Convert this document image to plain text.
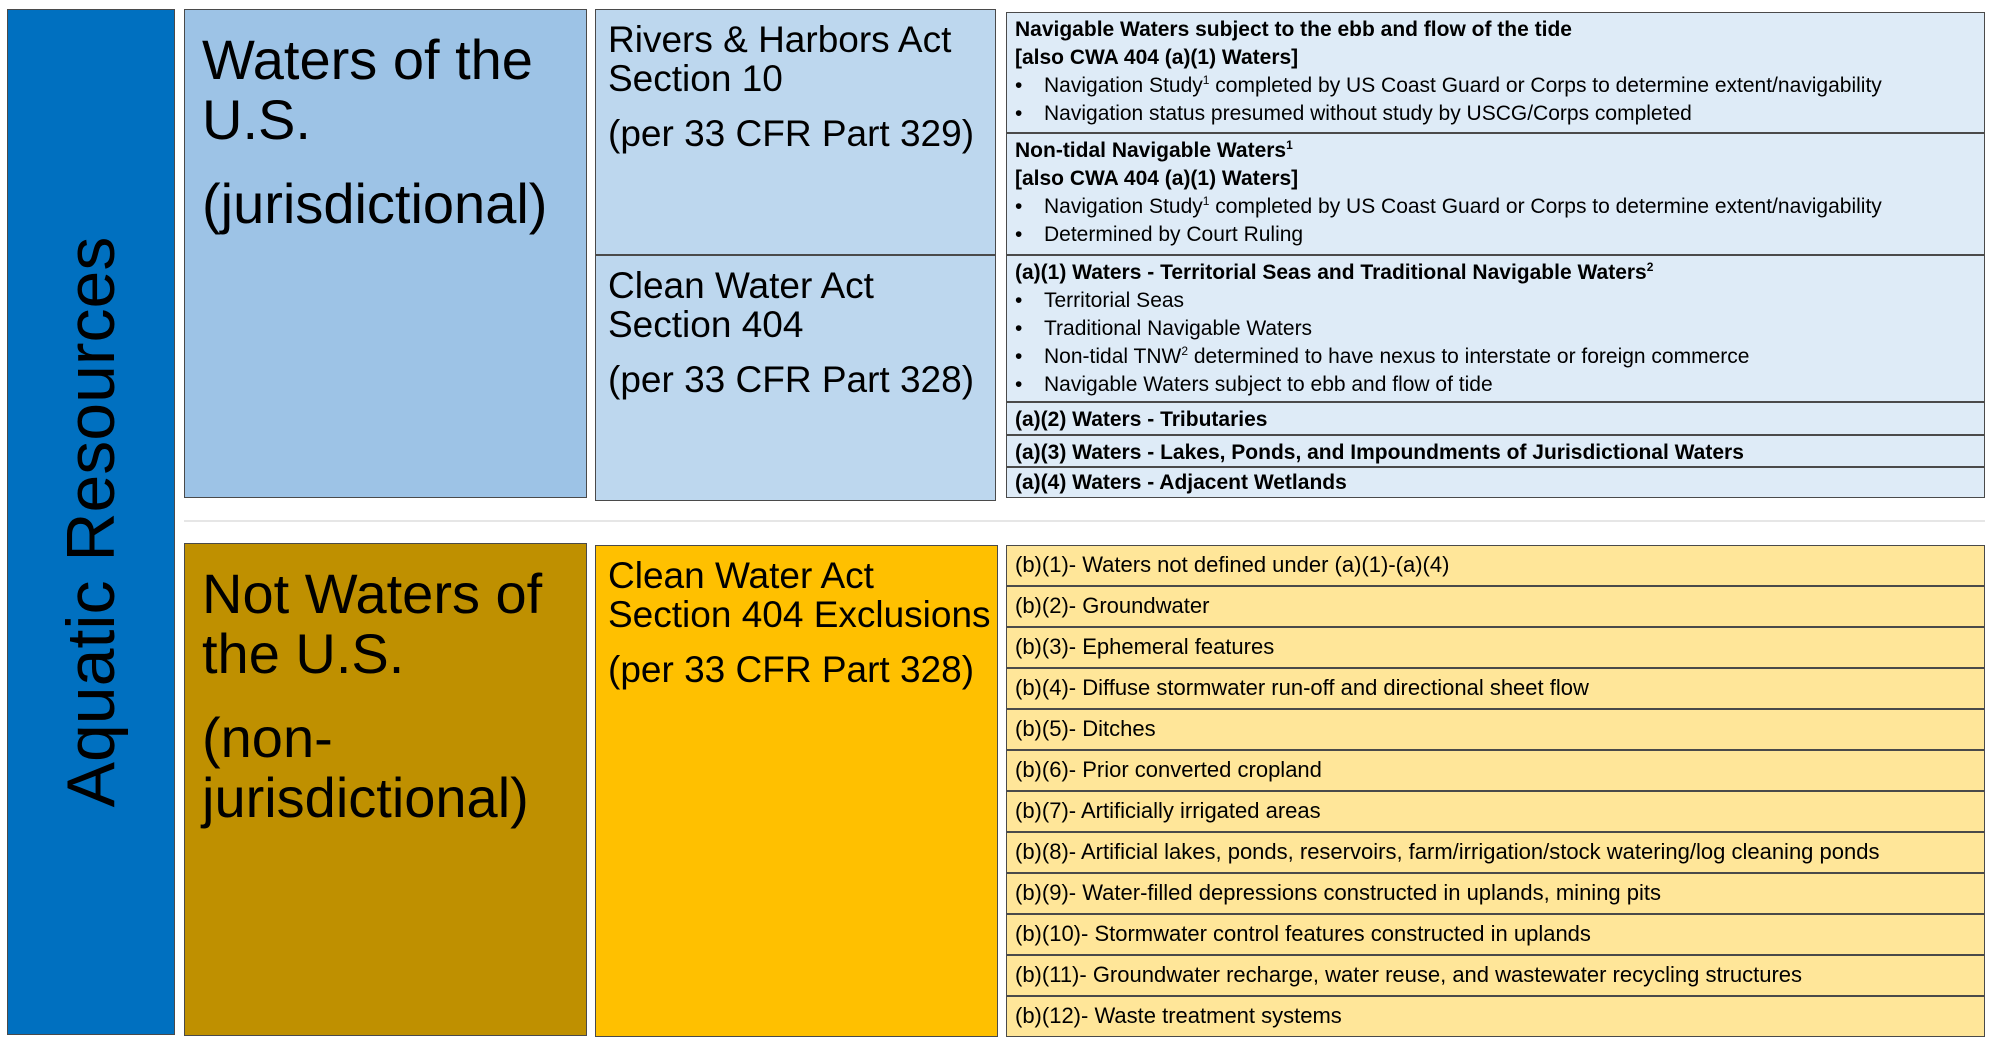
Aquatic Resources

Waters of the U.S.

(jurisdictional)

Rivers & Harbors Act Section 10

(per 33 CFR Part 329)

Clean Water Act Section 404

(per 33 CFR Part 328)

Navigable Waters subject to the ebb and flow of the tide
[also CWA 404 (a)(1) Waters]
• Navigation Study$^1$ completed by US Coast Guard or Corps to determine extent/navigability
• Navigation status presumed without study by USCG/Corps completed
Non-tidal Navigable Waters$^1$
[also CWA 404 (a)(1) Waters]
• Navigation Study$^1$ completed by US Coast Guard or Corps to determine extent/navigability
• Determined by Court Ruling
(a)(1) Waters - Territorial Seas and Traditional Navigable Waters$^2$
• Territorial Seas
• Traditional Navigable Waters
• Non-tidal TNW$^2$ determined to have nexus to interstate or foreign commerce
• Navigable Waters subject to ebb and flow of tide
(a)(2) Waters - Tributaries
(a)(3) Waters - Lakes, Ponds, and Impoundments of Jurisdictional Waters
(a)(4) Waters - Adjacent Wetlands

Not Waters of the U.S.

(non-jurisdictional)

Clean Water Act Section 404 Exclusions

(per 33 CFR Part 328)

(b)(1)- Waters not defined under (a)(1)-(a)(4)
(b)(2)- Groundwater
(b)(3)- Ephemeral features
(b)(4)- Diffuse stormwater run-off and directional sheet flow
(b)(5)- Ditches
(b)(6)- Prior converted cropland
(b)(7)- Artificially irrigated areas
(b)(8)- Artificial lakes, ponds, reservoirs, farm/irrigation/stock watering/log cleaning ponds
(b)(9)- Water-filled depressions constructed in uplands, mining pits
(b)(10)- Stormwater control features constructed in uplands
(b)(11)- Groundwater recharge, water reuse, and wastewater recycling structures
(b)(12)- Waste treatment systems
